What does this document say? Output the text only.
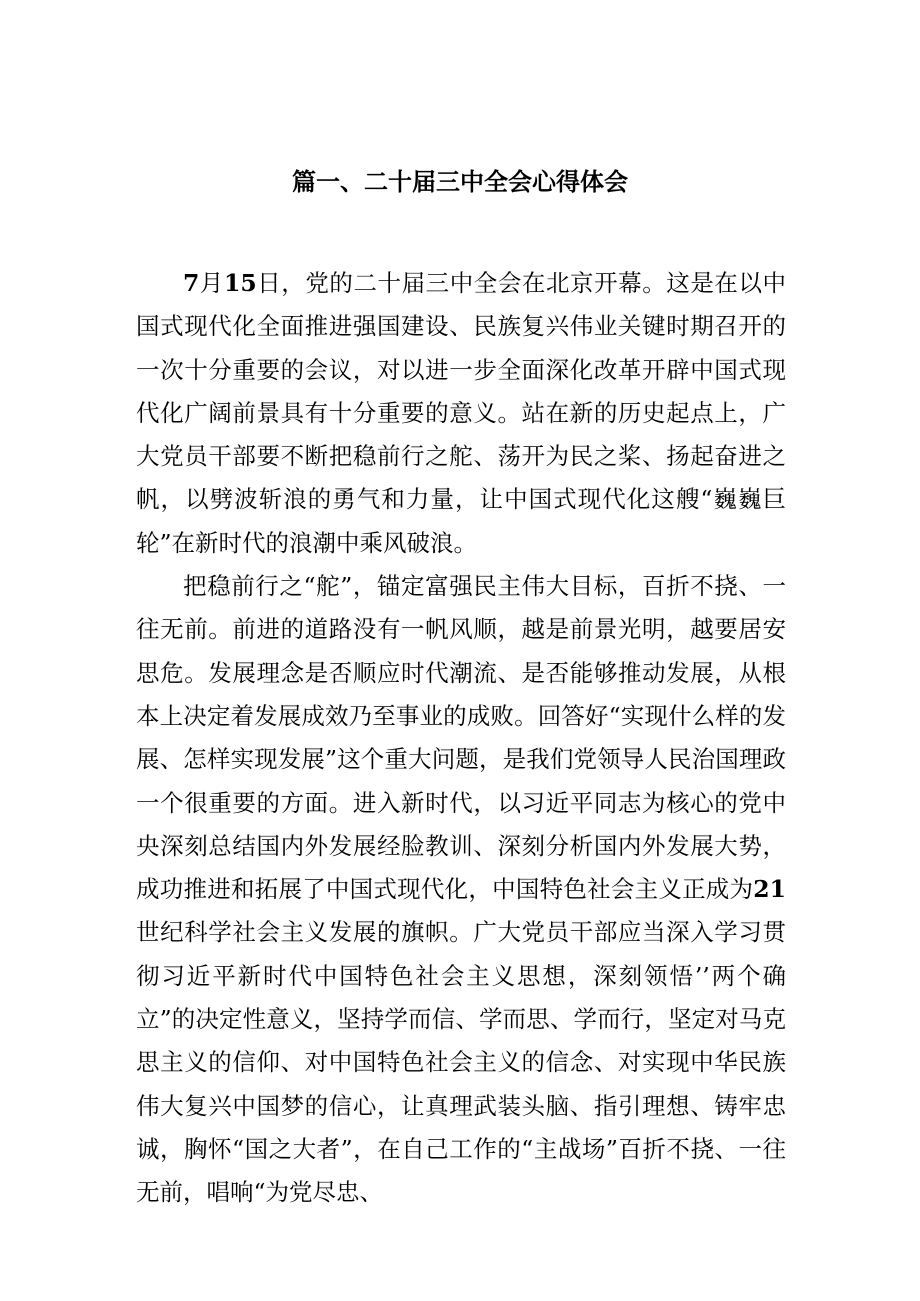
篇一、二十届三中全会心得体会

7月15日，党的二十届三中全会在北京开幕。这是在以中国式现代化全面推进强国建设、民族复兴伟业关键时期召开的一次十分重要的会议，对以进一步全面深化改革开辟中国式现代化广阔前景具有十分重要的意义。站在新的历史起点上，广大党员干部要不断把稳前行之舵、荡开为民之桨、扬起奋进之帆，以劈波斩浪的勇气和力量，让中国式现代化这艘“巍巍巨轮”在新时代的浪潮中乘风破浪。

把稳前行之“舵”，锚定富强民主伟大目标，百折不挠、一往无前。前进的道路没有一帆风顺，越是前景光明，越要居安思危。发展理念是否顺应时代潮流、是否能够推动发展，从根本上决定着发展成效乃至事业的成败。回答好“实现什么样的发展、怎样实现发展”这个重大问题，是我们党领导人民治国理政一个很重要的方面。进入新时代，以习近平同志为核心的党中央深刻总结国内外发展经脸教训、深刻分析国内外发展大势，成功推进和拓展了中国式现代化，中国特色社会主义正成为21世纪科学社会主义发展的旗帜。广大党员干部应当深入学习贯彻习近平新时代中国特色社会主义思想，深刻领悟’’两个确立”的决定性意义，坚持学而信、学而思、学而行，坚定对马克思主义的信仰、对中国特色社会主义的信念、对实现中华民族伟大复兴中国梦的信心，让真理武装头脑、指引理想、铸牢忠诚，胸怀“国之大者”，在自己工作的“主战场”百折不挠、一往无前，唱响“为党尽忠、
